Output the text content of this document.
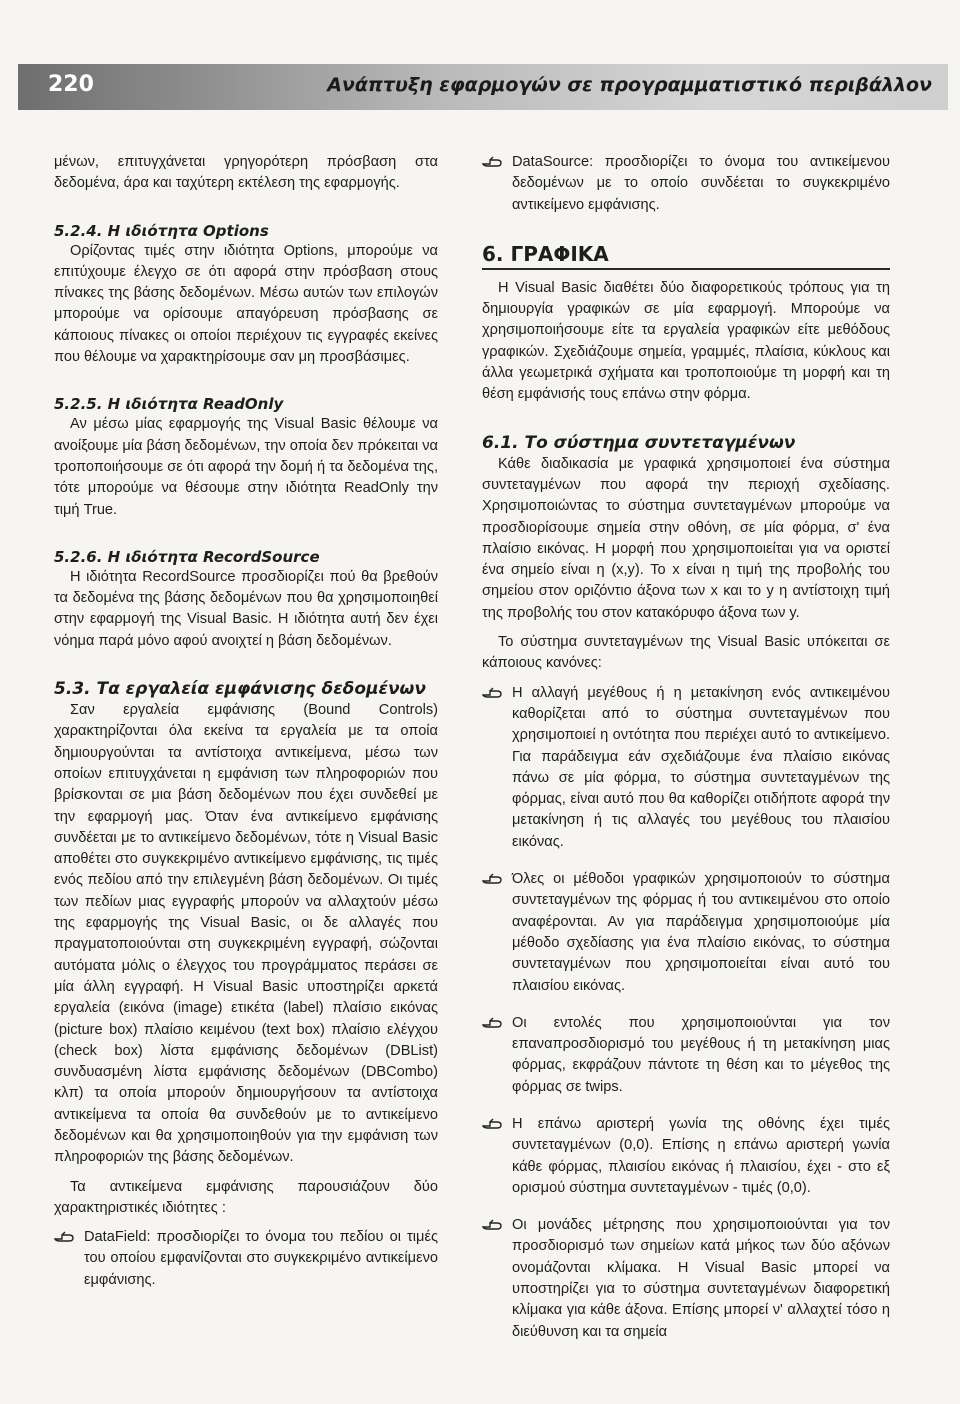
220	Ανάπτυξη εφαρμογών σε προγραμματιστικό περιβάλλον

μένων, επιτυγχάνεται γρηγορότερη πρόσβαση στα δεδομένα, άρα και ταχύτερη εκτέλεση της εφαρμογής.

5.2.4. Η ιδιότητα Options

Ορίζοντας τιμές στην ιδιότητα Options, μπορούμε να επιτύχουμε έλεγχο σε ότι αφορά στην πρόσβαση στους πίνακες της βάσης δεδομένων. Μέσω αυτών των επιλογών μπορούμε να ορίσουμε απαγόρευση πρόσβασης σε κάποιους πίνακες οι οποίοι περιέχουν τις εγγραφές εκείνες που θέλουμε να χαρακτηρίσουμε σαν μη προσβάσιμες.

5.2.5. Η ιδιότητα ReadOnly

Αν μέσω μίας εφαρμογής της Visual Basic θέλουμε να ανοίξουμε μία βάση δεδομένων, την οποία δεν πρόκειται να τροποποιήσουμε σε ότι αφορά την δομή ή τα δεδομένα της, τότε μπορούμε να θέσουμε στην ιδιότητα ReadOnly την τιμή True.

5.2.6. Η ιδιότητα RecordSource

Η ιδιότητα RecordSource προσδιορίζει πού θα βρεθούν τα δεδομένα της βάσης δεδομένων που θα χρησιμοποιηθεί στην εφαρμογή της Visual Basic. Η ιδιότητα αυτή δεν έχει νόημα παρά μόνο αφού ανοιχτεί η βάση δεδομένων.

5.3. Τα εργαλεία εμφάνισης δεδομένων

Σαν εργαλεία εμφάνισης (Bound Controls) χαρακτηρίζονται όλα εκείνα τα εργαλεία με τα οποία δημιουργούνται τα αντίστοιχα αντικείμενα, μέσω των οποίων επιτυγχάνεται η εμφάνιση των πληροφοριών που βρίσκονται σε μια βάση δεδομένων που έχει συνδεθεί με την εφαρμογή μας. Όταν ένα αντικείμενο εμφάνισης συνδέεται με το αντικείμενο δεδομένων, τότε η Visual Basic αποθέτει στο συγκεκριμένο αντικείμενο εμφάνισης, τις τιμές ενός πεδίου από την επιλεγμένη βάση δεδομένων. Οι τιμές των πεδίων μιας εγγραφής μπορούν να αλλαχτούν μέσω της εφαρμογής της Visual Basic, οι δε αλλαγές που πραγματοποιούνται στη συγκεκριμένη εγγραφή, σώζονται αυτόματα μόλις ο έλεγχος του προγράμματος περάσει σε μία άλλη εγγραφή. Η Visual Basic υποστηρίζει αρκετά εργαλεία (εικόνα (image) ετικέτα (label) πλαίσιο εικόνας (picture box) πλαίσιο κειμένου (text box) πλαίσιο ελέγχου (check box) λίστα εμφάνισης δεδομένων (DBList) συνδυασμένη λίστα εμφάνισης δεδομένων (DBCombo) κλπ) τα οποία μπορούν δημιουργήσουν τα αντίστοιχα αντικείμενα τα οποία θα συνδεθούν με το αντικείμενο δεδομένων και θα χρησιμοποιηθούν για την εμφάνιση των πληροφοριών της βάσης δεδομένων.

Τα αντικείμενα εμφάνισης παρουσιάζουν δύο χαρακτηριστικές ιδιότητες :

DataField: προσδιορίζει το όνομα του πεδίου οι τιμές του οποίου εμφανίζονται στο συγκεκριμένο αντικείμενο εμφάνισης.
DataSource: προσδιορίζει το όνομα του αντικείμενου δεδομένων με το οποίο συνδέεται το συγκεκριμένο αντικείμενο εμφάνισης.
6. ΓΡΑΦΙΚΑ

Η Visual Basic διαθέτει δύο διαφορετικούς τρόπους για τη δημιουργία γραφικών σε μία εφαρμογή. Μπορούμε να χρησιμοποιήσουμε είτε τα εργαλεία γραφικών είτε μεθόδους γραφικών. Σχεδιάζουμε σημεία, γραμμές, πλαίσια, κύκλους και άλλα γεωμετρικά σχήματα και τροποποιούμε τη μορφή και τη θέση εμφάνισής τους επάνω στην φόρμα.

6.1. Το σύστημα συντεταγμένων

Κάθε διαδικασία με γραφικά χρησιμοποιεί ένα σύστημα συντεταγμένων που αφορά την περιοχή σχεδίασης. Χρησιμοποιώντας το σύστημα συντεταγμένων μπορούμε να προσδιορίσουμε σημεία στην οθόνη, σε μία φόρμα, σ' ένα πλαίσιο εικόνας. Η μορφή που χρησιμοποιείται για να οριστεί ένα σημείο είναι η (x,y). Το x είναι η τιμή της προβολής του σημείου στον οριζόντιο άξονα των x και το y η αντίστοιχη τιμή της προβολής του στον κατακόρυφο άξονα των y.

Το σύστημα συντεταγμένων της Visual Basic υπόκειται σε κάποιους κανόνες:

Η αλλαγή μεγέθους ή η μετακίνηση ενός αντικειμένου καθορίζεται από το σύστημα συντεταγμένων που χρησιμοποιεί η οντότητα που περιέχει αυτό το αντικείμενο. Για παράδειγμα εάν σχεδιάζουμε ένα πλαίσιο εικόνας πάνω σε μία φόρμα, το σύστημα συντεταγμένων της φόρμας, είναι αυτό που θα καθορίζει οτιδήποτε αφορά την μετακίνηση ή τις αλλαγές του μεγέθους του πλαισίου εικόνας.
Όλες οι μέθοδοι γραφικών χρησιμοποιούν το σύστημα συντεταγμένων της φόρμας ή του αντικειμένου στο οποίο αναφέρονται. Αν για παράδειγμα χρησιμοποιούμε μία μέθοδο σχεδίασης για ένα πλαίσιο εικόνας, το σύστημα συντεταγμένων που χρησιμοποιείται είναι αυτό του πλαισίου εικόνας.
Οι εντολές που χρησιμοποιούνται για τον επαναπροσδιορισμό του μεγέθους ή τη μετακίνηση μιας φόρμας, εκφράζουν πάντοτε τη θέση και το μέγεθος της φόρμας σε twips.
Η επάνω αριστερή γωνία της οθόνης έχει τιμές συντεταγμένων (0,0). Επίσης η επάνω αριστερή γωνία κάθε φόρμας, πλαισίου εικόνας ή πλαισίου, έχει - στο εξ ορισμού σύστημα συντεταγμένων - τιμές (0,0).
Οι μονάδες μέτρησης που χρησιμοποιούνται για τον προσδιορισμό των σημείων κατά μήκος των δύο αξόνων ονομάζονται κλίμακα. Η Visual Basic μπορεί να υποστηρίζει για το σύστημα συντεταγμένων διαφορετική κλίμακα για κάθε άξονα. Επίσης μπορεί ν' αλλαχτεί τόσο η διεύθυνση και τα σημεία
